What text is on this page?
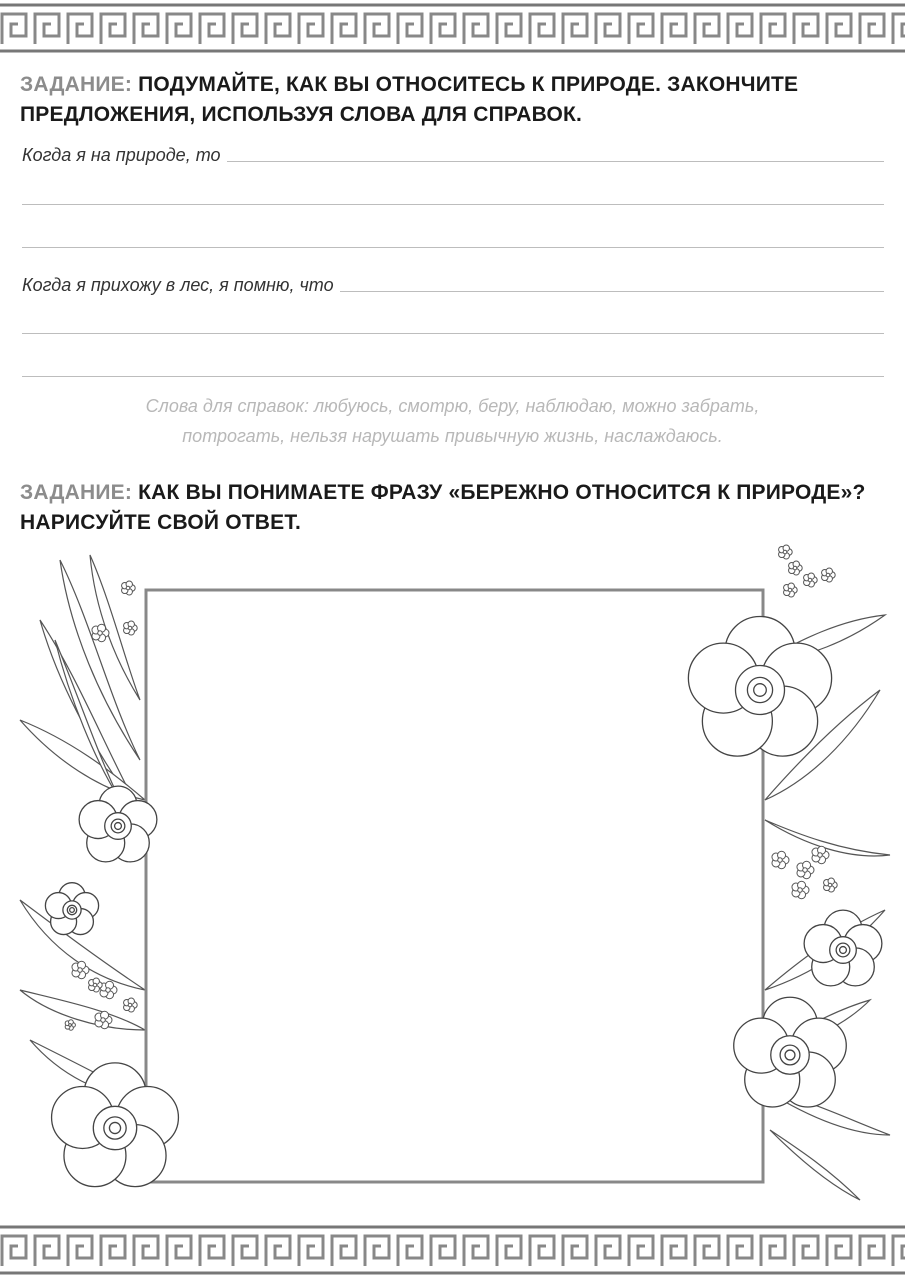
ЗАДАНИЕ: ПОДУМАЙТЕ, КАК ВЫ ОТНОСИТЕСЬ К ПРИРОДЕ. ЗАКОНЧИТЕ
ПРЕДЛОЖЕНИЯ, ИСПОЛЬЗУЯ СЛОВА ДЛЯ СПРАВОК.
Когда я на природе, то
Когда я прихожу в лес, я помню, что
Слова для справок: любуюсь, смотрю, беру, наблюдаю, можно забрать,
потрогать, нельзя нарушать привычную жизнь, наслаждаюсь.
ЗАДАНИЕ: КАК ВЫ ПОНИМАЕТЕ ФРАЗУ «БЕРЕЖНО ОТНОСИТСЯ К ПРИРОДЕ»?
НАРИСУЙТЕ СВОЙ ОТВЕТ.
